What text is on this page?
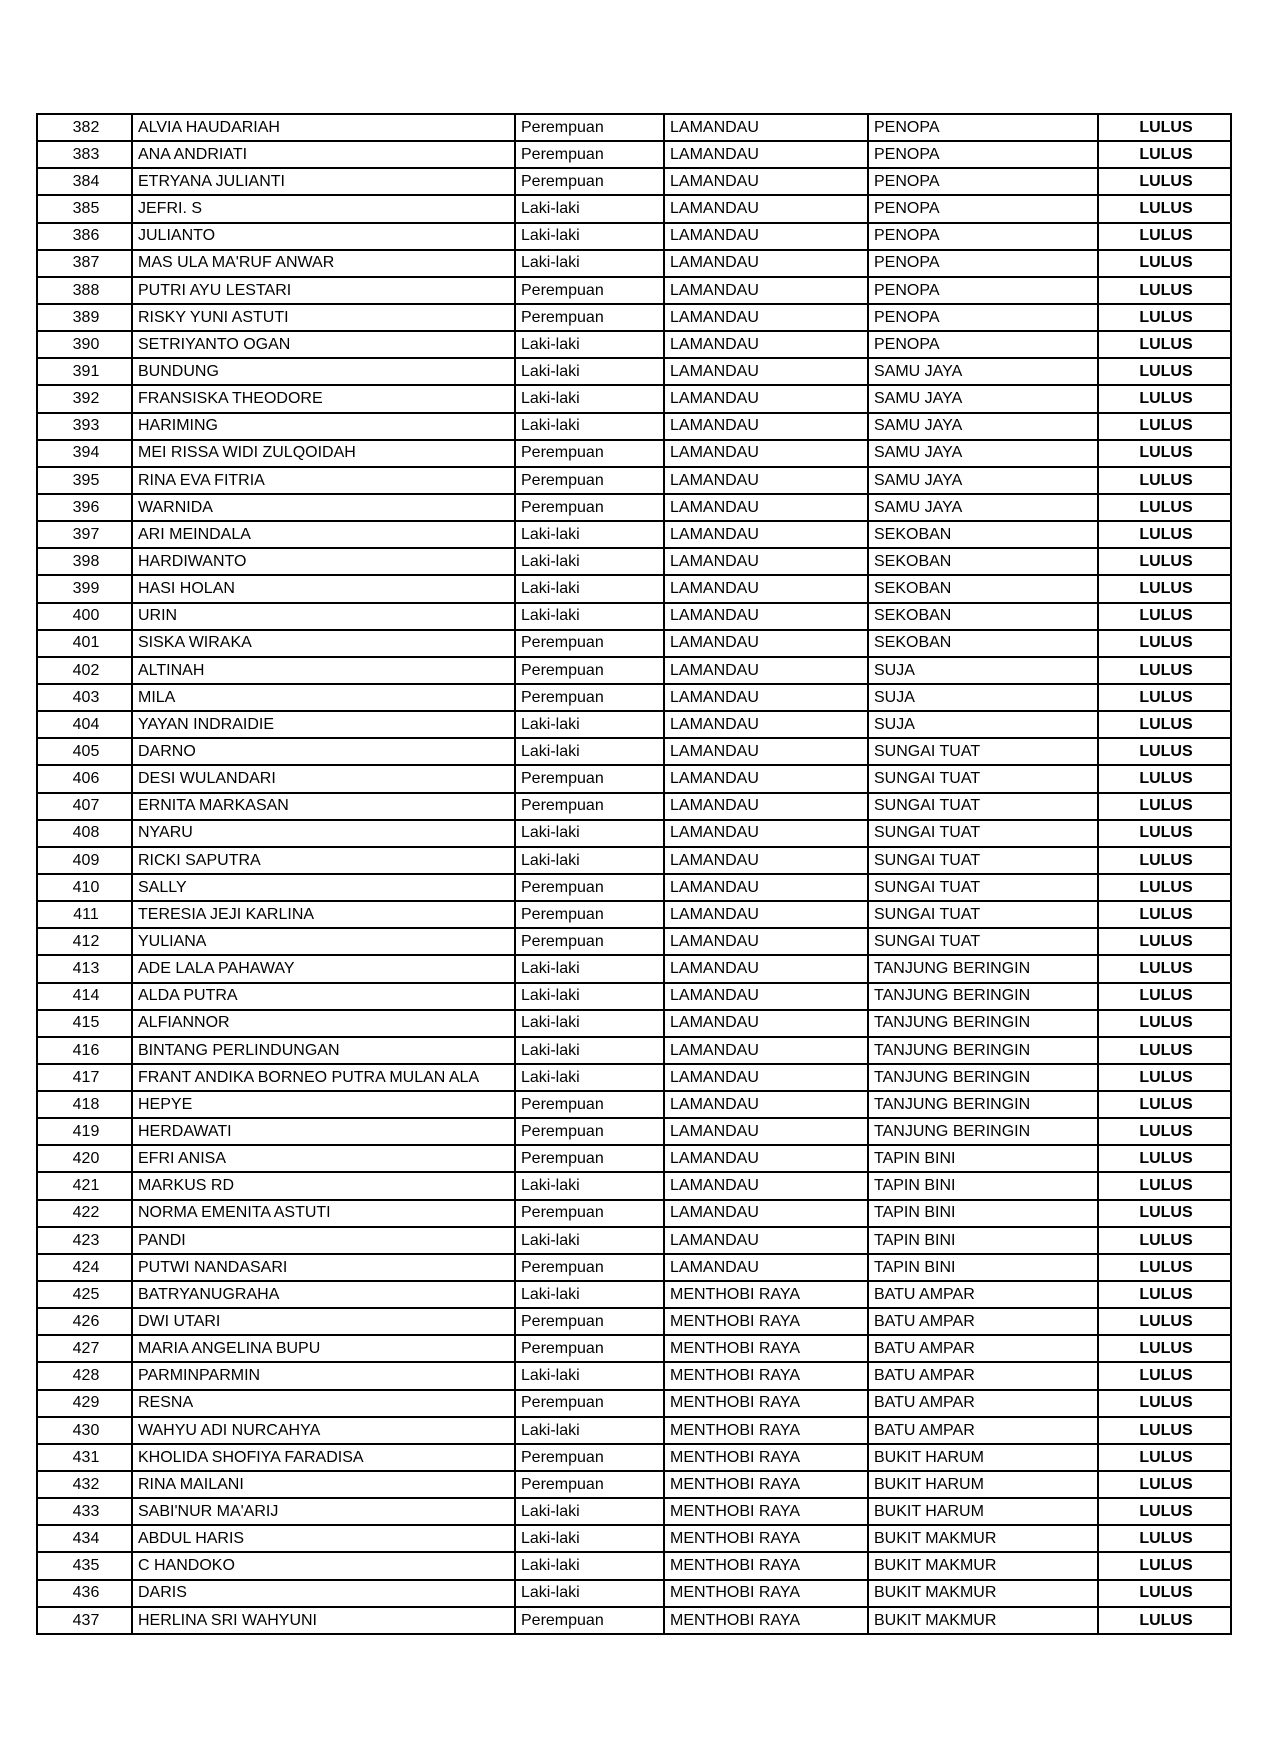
382	ALVIA HAUDARIAH	Perempuan	LAMANDAU	PENOPA	LULUS
383	ANA ANDRIATI	Perempuan	LAMANDAU	PENOPA	LULUS
384	ETRYANA JULIANTI	Perempuan	LAMANDAU	PENOPA	LULUS
385	JEFRI. S	Laki-laki	LAMANDAU	PENOPA	LULUS
386	JULIANTO	Laki-laki	LAMANDAU	PENOPA	LULUS
387	MAS ULA MA'RUF ANWAR	Laki-laki	LAMANDAU	PENOPA	LULUS
388	PUTRI AYU LESTARI	Perempuan	LAMANDAU	PENOPA	LULUS
389	RISKY YUNI ASTUTI	Perempuan	LAMANDAU	PENOPA	LULUS
390	SETRIYANTO OGAN	Laki-laki	LAMANDAU	PENOPA	LULUS
391	BUNDUNG	Laki-laki	LAMANDAU	SAMU JAYA	LULUS
392	FRANSISKA THEODORE	Laki-laki	LAMANDAU	SAMU JAYA	LULUS
393	HARIMING	Laki-laki	LAMANDAU	SAMU JAYA	LULUS
394	MEI RISSA WIDI ZULQOIDAH	Perempuan	LAMANDAU	SAMU JAYA	LULUS
395	RINA EVA FITRIA	Perempuan	LAMANDAU	SAMU JAYA	LULUS
396	WARNIDA	Perempuan	LAMANDAU	SAMU JAYA	LULUS
397	ARI MEINDALA	Laki-laki	LAMANDAU	SEKOBAN	LULUS
398	HARDIWANTO	Laki-laki	LAMANDAU	SEKOBAN	LULUS
399	HASI HOLAN	Laki-laki	LAMANDAU	SEKOBAN	LULUS
400	URIN	Laki-laki	LAMANDAU	SEKOBAN	LULUS
401	SISKA WIRAKA	Perempuan	LAMANDAU	SEKOBAN	LULUS
402	ALTINAH	Perempuan	LAMANDAU	SUJA	LULUS
403	MILA	Perempuan	LAMANDAU	SUJA	LULUS
404	YAYAN INDRAIDIE	Laki-laki	LAMANDAU	SUJA	LULUS
405	DARNO	Laki-laki	LAMANDAU	SUNGAI TUAT	LULUS
406	DESI WULANDARI	Perempuan	LAMANDAU	SUNGAI TUAT	LULUS
407	ERNITA MARKASAN	Perempuan	LAMANDAU	SUNGAI TUAT	LULUS
408	NYARU	Laki-laki	LAMANDAU	SUNGAI TUAT	LULUS
409	RICKI SAPUTRA	Laki-laki	LAMANDAU	SUNGAI TUAT	LULUS
410	SALLY	Perempuan	LAMANDAU	SUNGAI TUAT	LULUS
411	TERESIA JEJI KARLINA	Perempuan	LAMANDAU	SUNGAI TUAT	LULUS
412	YULIANA	Perempuan	LAMANDAU	SUNGAI TUAT	LULUS
413	ADE LALA PAHAWAY	Laki-laki	LAMANDAU	TANJUNG BERINGIN	LULUS
414	ALDA PUTRA	Laki-laki	LAMANDAU	TANJUNG BERINGIN	LULUS
415	ALFIANNOR	Laki-laki	LAMANDAU	TANJUNG BERINGIN	LULUS
416	BINTANG PERLINDUNGAN	Laki-laki	LAMANDAU	TANJUNG BERINGIN	LULUS
417	FRANT ANDIKA BORNEO PUTRA MULAN ALA	Laki-laki	LAMANDAU	TANJUNG BERINGIN	LULUS
418	HEPYE	Perempuan	LAMANDAU	TANJUNG BERINGIN	LULUS
419	HERDAWATI	Perempuan	LAMANDAU	TANJUNG BERINGIN	LULUS
420	EFRI ANISA	Perempuan	LAMANDAU	TAPIN BINI	LULUS
421	MARKUS RD	Laki-laki	LAMANDAU	TAPIN BINI	LULUS
422	NORMA EMENITA ASTUTI	Perempuan	LAMANDAU	TAPIN BINI	LULUS
423	PANDI	Laki-laki	LAMANDAU	TAPIN BINI	LULUS
424	PUTWI NANDASARI	Perempuan	LAMANDAU	TAPIN BINI	LULUS
425	BATRYANUGRAHA	Laki-laki	MENTHOBI RAYA	BATU AMPAR	LULUS
426	DWI UTARI	Perempuan	MENTHOBI RAYA	BATU AMPAR	LULUS
427	MARIA ANGELINA BUPU	Perempuan	MENTHOBI RAYA	BATU AMPAR	LULUS
428	PARMINPARMIN	Laki-laki	MENTHOBI RAYA	BATU AMPAR	LULUS
429	RESNA	Perempuan	MENTHOBI RAYA	BATU AMPAR	LULUS
430	WAHYU ADI NURCAHYA	Laki-laki	MENTHOBI RAYA	BATU AMPAR	LULUS
431	KHOLIDA SHOFIYA FARADISA	Perempuan	MENTHOBI RAYA	BUKIT HARUM	LULUS
432	RINA MAILANI	Perempuan	MENTHOBI RAYA	BUKIT HARUM	LULUS
433	SABI'NUR MA'ARIJ	Laki-laki	MENTHOBI RAYA	BUKIT HARUM	LULUS
434	ABDUL HARIS	Laki-laki	MENTHOBI RAYA	BUKIT MAKMUR	LULUS
435	C HANDOKO	Laki-laki	MENTHOBI RAYA	BUKIT MAKMUR	LULUS
436	DARIS	Laki-laki	MENTHOBI RAYA	BUKIT MAKMUR	LULUS
437	HERLINA SRI WAHYUNI	Perempuan	MENTHOBI RAYA	BUKIT MAKMUR	LULUS
